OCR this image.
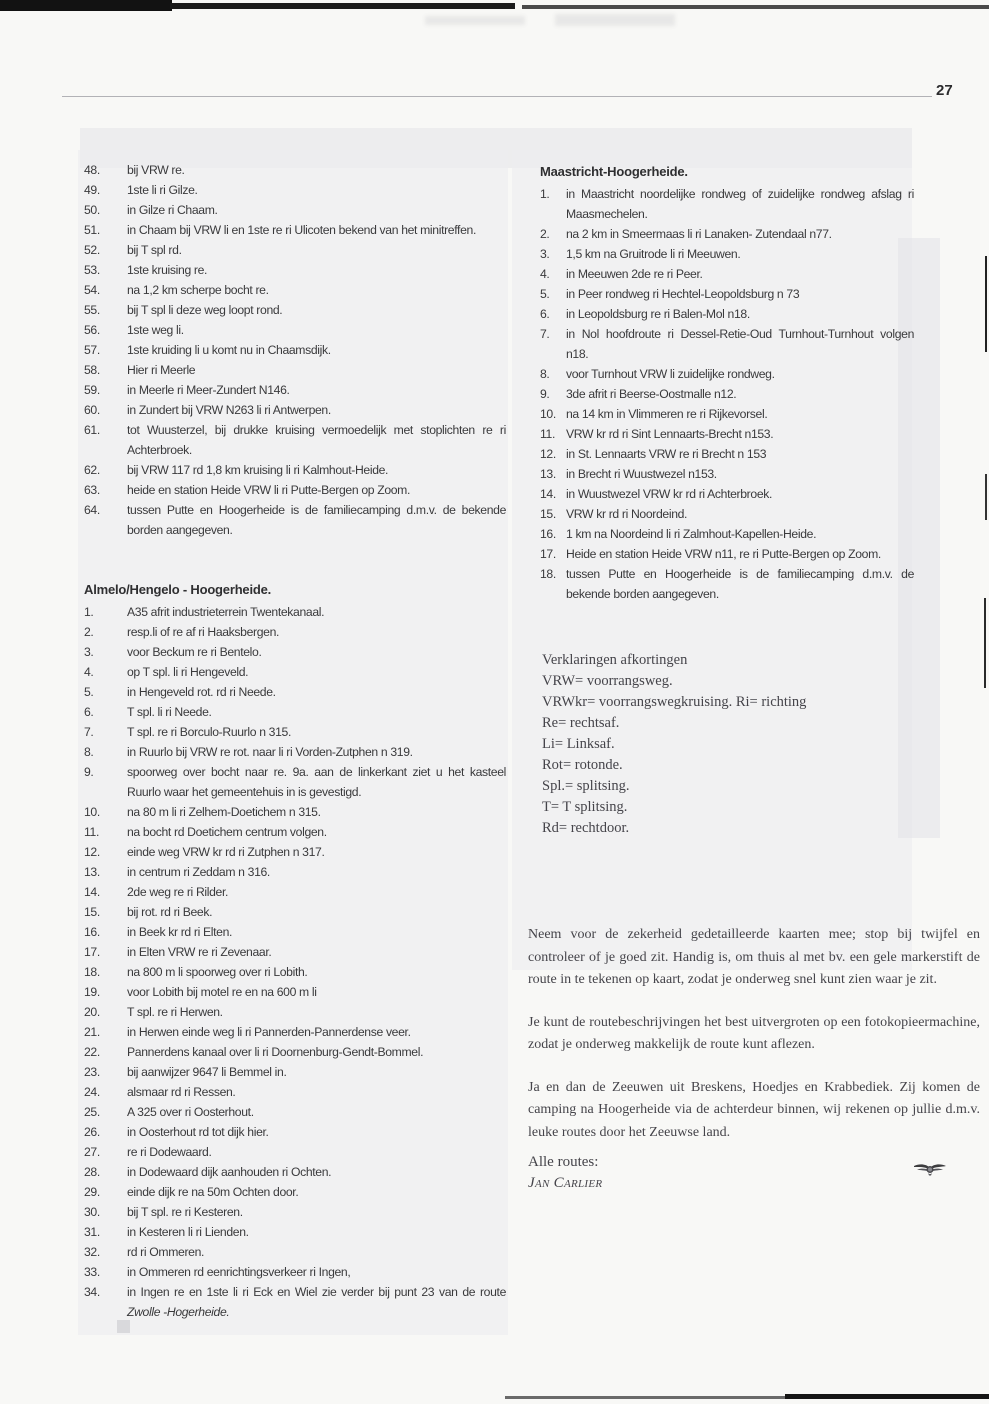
27
48.	bij VRW re.
49.	1ste li ri Gilze.
50.	in Gilze ri Chaam.
51.	in Chaam bij VRW li en 1ste re ri Ulicoten bekend van het minitreffen.
52.	bij T spl rd.
53.	1ste kruising re.
54.	na 1,2 km scherpe bocht re.
55.	bij T spl li deze weg loopt rond.
56.	1ste weg li.
57.	1ste kruiding li u komt nu in Chaamsdijk.
58.	Hier ri Meerle
59.	in Meerle ri Meer-Zundert N146.
60.	in Zundert bij VRW N263 li ri Antwerpen.
61.	tot Wuusterzel, bij drukke kruising vermoedelijk met stoplichten re ri Achterbroek.
62.	bij VRW 117 rd 1,8 km kruising li ri Kalmhout-Heide.
63.	heide en station Heide VRW li ri Putte-Bergen op Zoom.
64.	tussen Putte en Hoogerheide is de familiecamping d.m.v. de bekende borden aangegeven.
Almelo/Hengelo - Hoogerheide.
1.	A35 afrit industrieterrein Twentekanaal.
2.	resp.li of re af ri Haaksbergen.
3.	voor Beckum re ri Bentelo.
4.	op T spl. li ri Hengeveld.
5.	in Hengeveld rot. rd ri Neede.
6.	T spl. li ri Neede.
7.	T spl. re ri Borculo-Ruurlo n 315.
8.	in Ruurlo bij VRW re rot. naar li ri Vorden-Zutphen n 319.
9.	spoorweg over bocht naar re. 9a. aan de linkerkant ziet u het kasteel Ruurlo waar het gemeentehuis in is gevestigd.
10.	na 80 m li ri Zelhem-Doetichem n 315.
11.	na bocht rd Doetichem centrum volgen.
12.	einde weg VRW kr rd ri Zutphen n 317.
13.	in centrum ri Zeddam n 316.
14.	2de weg re ri Rilder.
15.	bij rot. rd ri Beek.
16.	in Beek kr rd ri Elten.
17.	in Elten VRW re ri Zevenaar.
18.	na 800 m li spoorweg over ri Lobith.
19.	voor Lobith bij motel re en na 600 m li
20.	T spl. re ri Herwen.
21.	in Herwen einde weg li ri Pannerden-Pannerdense veer.
22.	Pannerdens kanaal over li ri Doornenburg-Gendt-Bommel.
23.	bij aanwijzer 9647 li Bemmel in.
24.	alsmaar rd ri Ressen.
25.	A 325 over ri Oosterhout.
26.	in Oosterhout rd tot dijk hier.
27.	re ri Dodewaard.
28.	in Dodewaard dijk aanhouden ri Ochten.
29.	einde dijk re na 50m Ochten door.
30.	bij T spl. re ri Kesteren.
31.	in Kesteren li ri Lienden.
32.	rd ri Ommeren.
33.	in Ommeren rd eenrichtingsverkeer ri Ingen,
34.	in Ingen re en 1ste li ri Eck en Wiel zie verder bij punt 23 van de route Zwolle -Hogerheide.
Maastricht-Hoogerheide.
1.	in Maastricht noordelijke rondweg of zuidelijke rondweg afslag ri Maasmechelen.
2.	na 2 km in Smeermaas li ri Lanaken- Zutendaal n77.
3.	1,5 km na Gruitrode li ri Meeuwen.
4.	in Meeuwen 2de re ri Peer.
5.	in Peer rondweg ri Hechtel-Leopoldsburg n 73
6.	in Leopoldsburg re ri Balen-Mol n18.
7.	in Nol hoofdroute ri Dessel-Retie-Oud Turnhout-Turnhout volgen n18.
8.	voor Turnhout VRW li zuidelijke rondweg.
9.	3de afrit ri Beerse-Oostmalle n12.
10. na 14 km in Vlimmeren re ri Rijkevorsel.
11. VRW kr rd ri Sint Lennaarts-Brecht n153.
12. in St. Lennaarts VRW re ri Brecht n 153
13. in Brecht ri Wuustwezel n153.
14. in Wuustwezel VRW kr rd ri Achterbroek.
15. VRW kr rd ri Noordeind.
16. 1 km na Noordeind li ri Zalmhout-Kapellen-Heide.
17. Heide en station Heide VRW n11, re ri Putte-Bergen op Zoom.
18. tussen Putte en Hoogerheide is de familiecamping d.m.v. de bekende borden aangegeven.
Verklaringen afkortingen
VRW= voorrangsweg.
VRWkr= voorrangswegkruising. Ri= richting
Re= rechtsaf.
Li= Linksaf.
Rot= rotonde.
Spl.= splitsing.
T= T splitsing.
Rd= rechtdoor.

Neem voor de zekerheid gedetailleerde kaarten mee; stop bij twijfel en controleer of je goed zit. Handig is, om thuis al met bv. een gele markerstift de route in te tekenen op kaart, zodat je onderweg snel kunt zien waar je zit.

Je kunt de routebeschrijvingen het best uitvergroten op een fotokopieermachine, zodat je onderweg makkelijk de route kunt aflezen.

Ja en dan de Zeeuwen uit Breskens, Hoedjes en Krabbediek. Zij komen de camping na Hoogerheide via de achterdeur binnen, wij rekenen op jullie d.m.v. leuke routes door het Zeeuwse land.

Alle routes:
Jan Carlier
